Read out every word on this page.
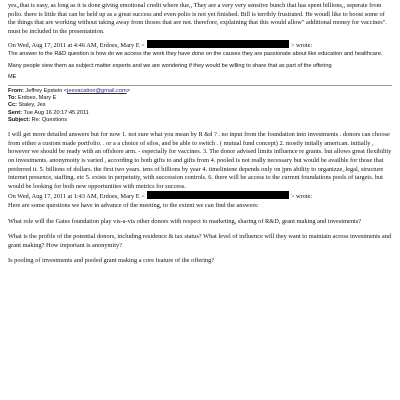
yes,,that is easy, as long as it is done giving emotional credit where due,, They are a very very sensitve bunch that has spent billions,, seperate from polio. there is little that can be held up as a great success and even polio is not yet finished. Bill is terribly frustrated. He woudl like to boost some of the things that are working without taking away from thoses that are not. therefore, explaining that this would allow" additional money for vaccines". must be included in the presentatnion.

On Wed, Aug 17, 2011 at 4:46 AM, Erdoes, Mary E <	> wrote:

The answer to the R&D question is how do we access the work they have done on the causes they are passionate about like education and healthcare.

Many people view them as subject matter experts and we are wondering if they would be willing to share that as part of the offering

ME

From: Jeffrey Epstein <jeevacation@gmail.com>
To: Erdoes, Mary E
Cc: Staley, Jes
Sent: Tue Aug 16 20:17:45 2011
Subject: Re: Questions

I will get more detailed answers but for now 1. not sure what you mean by R &d ? . no input from the foundation into investments . donors can choose from either a custom made portfolio. . or a a choice of silos, and be able to switch . ( mutual fund concept) 2. mostly initally american. initially , however we should be ready with an offshore arm. - especially for vaccines. 3. The donor advised limits influence re grants. but allows great flexibility on investments. anonymoity is varied , according to both gifts to and gifts from 4. pooled is not really necessary but would be availble for those that preferred it. 5. billions of dollars. the first two years. tens of billions by year 4. timeliniene depends only on jpm ability to organizze, legal, structure internet presence, staffing. etc 5. exists in perpetuity, with succession controls. 6. there will be access to the current foundations pools of targets. but would be looking for both new opportunities with metrics for success.

On Wed, Aug 17, 2011 at 1:43 AM, Erdoes, Mary E <	> wrote:

Here are some questions we have in advance of the meeting, to the extent we can find the answers:

What role will the Gates foundation play vis-a-vis other donors with respect to marketing, sharing of R&D, grant making and investments?

What is the profile of the potential donors, including residence & tax status? What level of influence will they want to maintain across investments and grant making? How important is anonymity?

Is pooling of investments and pooled grant making a core feature of the offering?
